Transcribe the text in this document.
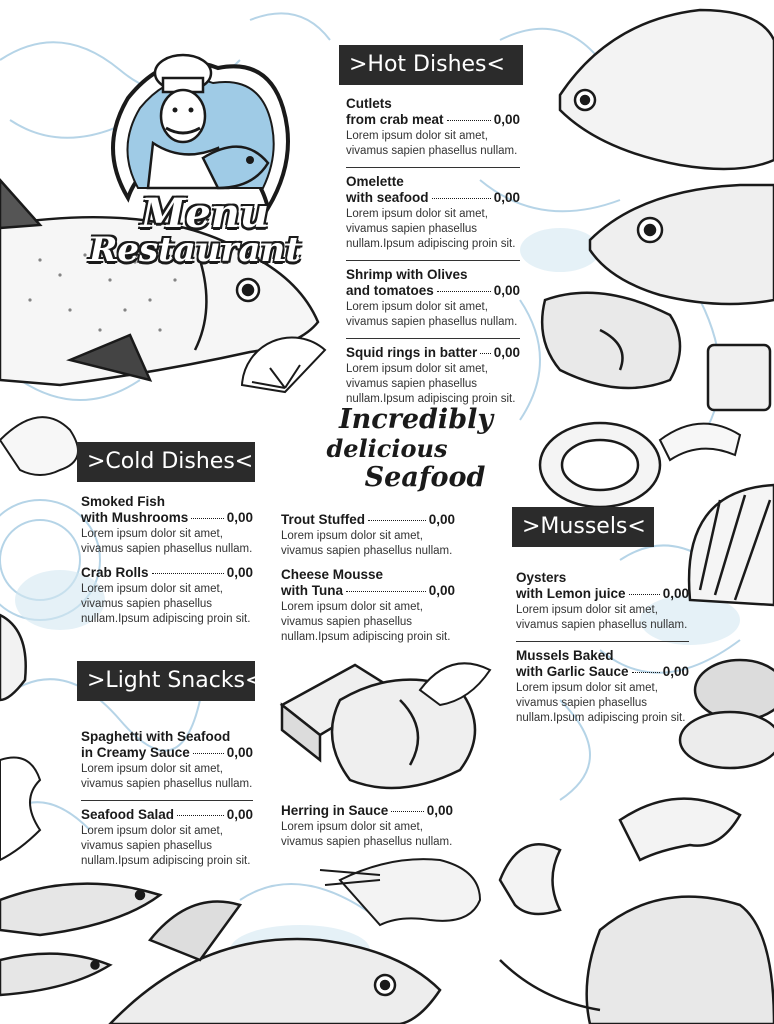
Menu
Restaurant
>Hot Dishes<
Cutlets
from crab meat	0,00
Lorem ipsum dolor sit amet, vivamus sapien phasellus nullam.
Omelette
with seafood	0,00
Lorem ipsum dolor sit amet, vivamus sapien phasellus nullam.Ipsum adipiscing proin sit.
Shrimp with Olives
and tomatoes	0,00
Lorem ipsum dolor sit amet, vivamus sapien phasellus nullam.
Squid rings in batter 0,00
Lorem ipsum dolor sit amet, vivamus sapien phasellus nullam.Ipsum adipiscing proin sit.
Incredibly
delicious
Seafood
>Cold Dishes<
Smoked Fish
with Mushrooms	0,00
Lorem ipsum dolor sit amet, vivamus sapien phasellus nullam.
Crab Rolls	0,00
Lorem ipsum dolor sit amet, vivamus sapien phasellus nullam.Ipsum adipiscing proin sit.
Trout Stuffed	0,00
Lorem ipsum dolor sit amet, vivamus sapien phasellus nullam.
Cheese Mousse
with Tuna	0,00
Lorem ipsum dolor sit amet, vivamus sapien phasellus nullam.Ipsum adipiscing proin sit.
Herring in Sauce	0,00
Lorem ipsum dolor sit amet, vivamus sapien phasellus nullam.
>Mussels<
Oysters
with Lemon juice	0,00
Lorem ipsum dolor sit amet, vivamus sapien phasellus nullam.
Mussels Baked
with Garlic Sauce	0,00
Lorem ipsum dolor sit amet, vivamus sapien phasellus nullam.Ipsum adipiscing proin sit.
>Light Snacks<
Spaghetti with Seafood
in Creamy Sauce	0,00
Lorem ipsum dolor sit amet, vivamus sapien phasellus nullam.
Seafood Salad	0,00
Lorem ipsum dolor sit amet, vivamus sapien phasellus nullam.Ipsum adipiscing proin sit.
